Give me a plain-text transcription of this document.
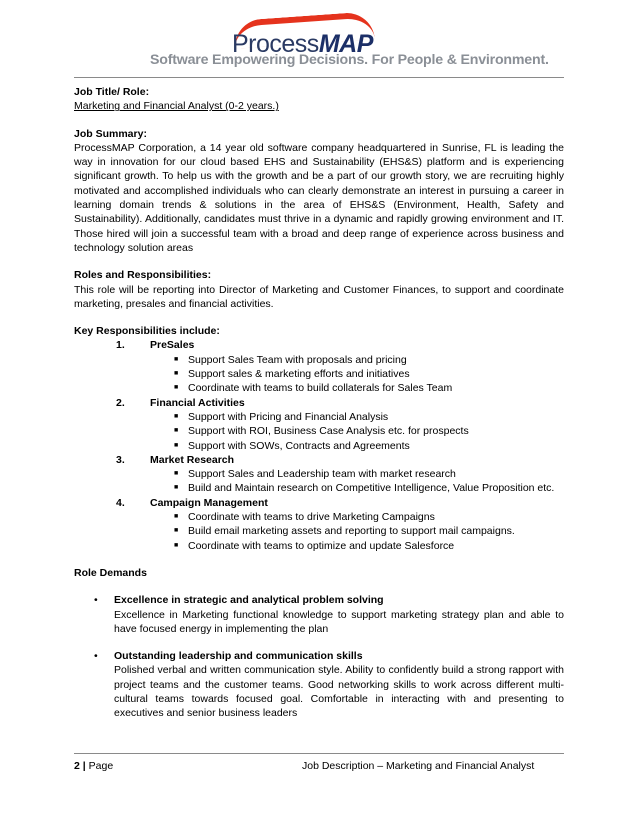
ProcessMAP
Software Empowering Decisions. For People & Environment.
Job Title/ Role:
Marketing and Financial Analyst (0-2 years.)
Job Summary:
ProcessMAP Corporation, a 14 year old software company headquartered in Sunrise, FL is leading the way in innovation for our cloud based EHS and Sustainability (EHS&S) platform and is experiencing significant growth. To help us with the growth and be a part of our growth story, we are recruiting highly motivated and accomplished individuals who can clearly demonstrate an interest in pursuing a career in learning domain trends & solutions in the area of EHS&S (Environment, Health, Safety and Sustainability). Additionally, candidates must thrive in a dynamic and rapidly growing environment and IT. Those hired will join a successful team with a broad and deep range of experience across business and technology solution areas
Roles and Responsibilities:
This role will be reporting into Director of Marketing and Customer Finances, to support and coordinate marketing, presales and financial activities.
Key Responsibilities include:
1. PreSales
■ Support Sales Team with proposals and pricing
■ Support sales & marketing efforts and initiatives
■ Coordinate with teams to build collaterals for Sales Team
2. Financial Activities
■ Support with Pricing and Financial Analysis
■ Support with ROI, Business Case Analysis etc. for prospects
■ Support with SOWs, Contracts and Agreements
3. Market Research
■ Support Sales and Leadership team with market research
■ Build and Maintain research on Competitive Intelligence, Value Proposition etc.
4. Campaign Management
■ Coordinate with teams to drive Marketing Campaigns
■ Build email marketing assets and reporting to support mail campaigns.
■ Coordinate with teams to optimize and update Salesforce
Role Demands
• Excellence in strategic and analytical problem solving
Excellence in Marketing functional knowledge to support marketing strategy plan and able to have focused energy in implementing the plan
• Outstanding leadership and communication skills
Polished verbal and written communication style. Ability to confidently build a strong rapport with project teams and the customer teams. Good networking skills to work across different multi-cultural teams towards focused goal. Comfortable in interacting with and presenting to executives and senior business leaders
2 | Page	Job Description – Marketing and Financial Analyst
